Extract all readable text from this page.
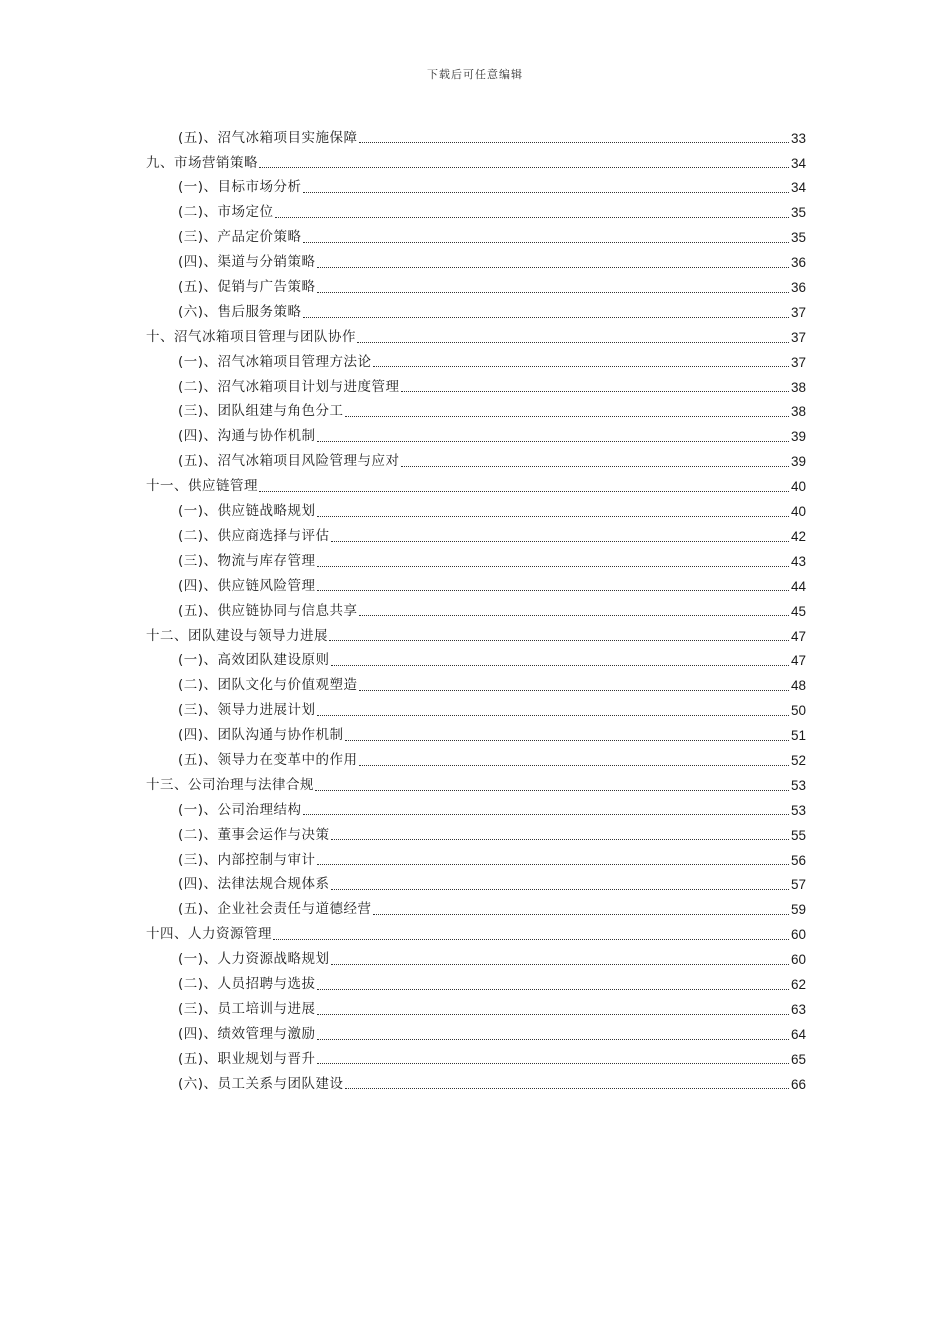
下载后可任意编辑
(五)、沼气冰箱项目实施保障	33
九、市场营销策略	34
(一)、目标市场分析	34
(二)、市场定位	35
(三)、产品定价策略	35
(四)、渠道与分销策略	36
(五)、促销与广告策略	36
(六)、售后服务策略	37
十、沼气冰箱项目管理与团队协作	37
(一)、沼气冰箱项目管理方法论	37
(二)、沼气冰箱项目计划与进度管理	38
(三)、团队组建与角色分工	38
(四)、沟通与协作机制	39
(五)、沼气冰箱项目风险管理与应对	39
十一、供应链管理	40
(一)、供应链战略规划	40
(二)、供应商选择与评估	42
(三)、物流与库存管理	43
(四)、供应链风险管理	44
(五)、供应链协同与信息共享	45
十二、团队建设与领导力进展	47
(一)、高效团队建设原则	47
(二)、团队文化与价值观塑造	48
(三)、领导力进展计划	50
(四)、团队沟通与协作机制	51
(五)、领导力在变革中的作用	52
十三、公司治理与法律合规	53
(一)、公司治理结构	53
(二)、董事会运作与决策	55
(三)、内部控制与审计	56
(四)、法律法规合规体系	57
(五)、企业社会责任与道德经营	59
十四、人力资源管理	60
(一)、人力资源战略规划	60
(二)、人员招聘与选拔	62
(三)、员工培训与进展	63
(四)、绩效管理与激励	64
(五)、职业规划与晋升	65
(六)、员工关系与团队建设	66
